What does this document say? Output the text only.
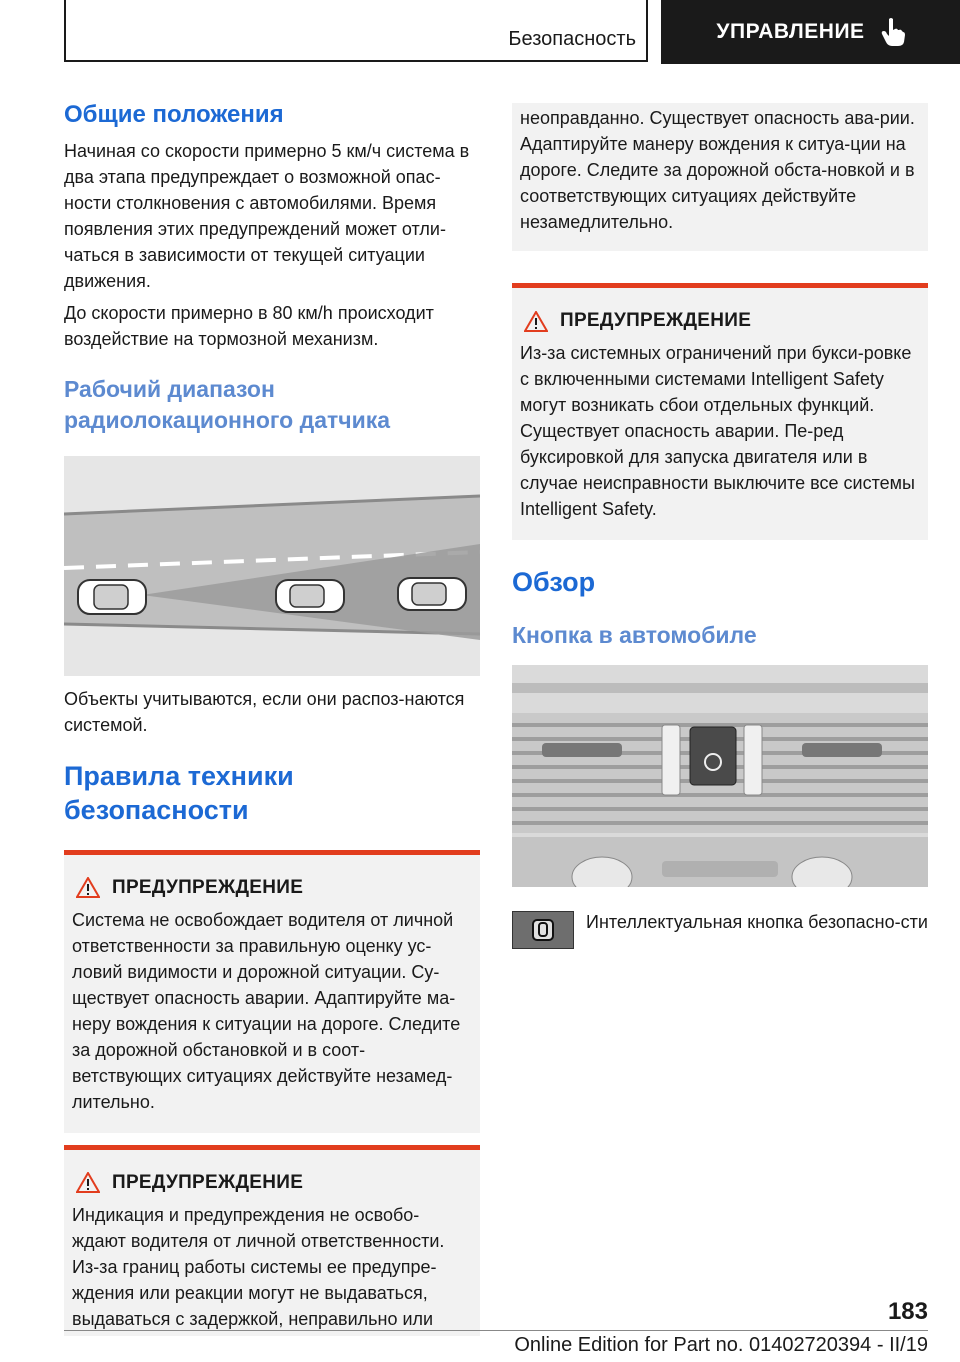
Безопасность	УПРАВЛЕНИЕ
Общие положения

Начиная со скорости примерно 5 км/ч система в два этапа предупреждает о возможной опас‐ности столкновения с автомобилями. Время появления этих предупреждений может отли‐чаться в зависимости от текущей ситуации движения.

До скорости примерно в 80 км/h происходит воздействие на тормозной механизм.

Рабочий диапазон радиолокационного датчика

Объекты учитываются, если они распоз‐наются системой.

Правила техники безопасности
ПРЕДУПРЕЖДЕНИЕ

Система не освобождает водителя от личной ответственности за правильную оценку ус‐ловий видимости и дорожной ситуации. Су‐ществует опасность аварии. Адаптируйте ма‐неру вождения к ситуации на дороге. Следите за дорожной обстановкой и в соот‐ветствующих ситуациях действуйте незамед‐лительно.

ПРЕДУПРЕЖДЕНИЕ

Индикация и предупреждения не освобо‐ждают водителя от личной ответственности. Из-за границ работы системы ее предупре‐ждения или реакции могут не выдаваться, выдаваться с задержкой, неправильно или

неоправданно. Существует опасность ава‐рии. Адаптируйте манеру вождения к ситуа‐ции на дороге. Следите за дорожной обста‐новкой и в соответствующих ситуациях действуйте незамедлительно.

ПРЕДУПРЕЖДЕНИЕ

Из-за системных ограничений при букси‐ровке с включенными системами Intelligent Safety могут возникать сбои отдельных функций. Существует опасность аварии. Пе‐ред буксировкой для запуска двигателя или в случае неисправности выключите все системы Intelligent Safety.

Обзор
Кнопка в автомобиле

Интеллектуальная кнопка безопасно‐сти

183
Online Edition for Part no. 01402720394 - II/19
